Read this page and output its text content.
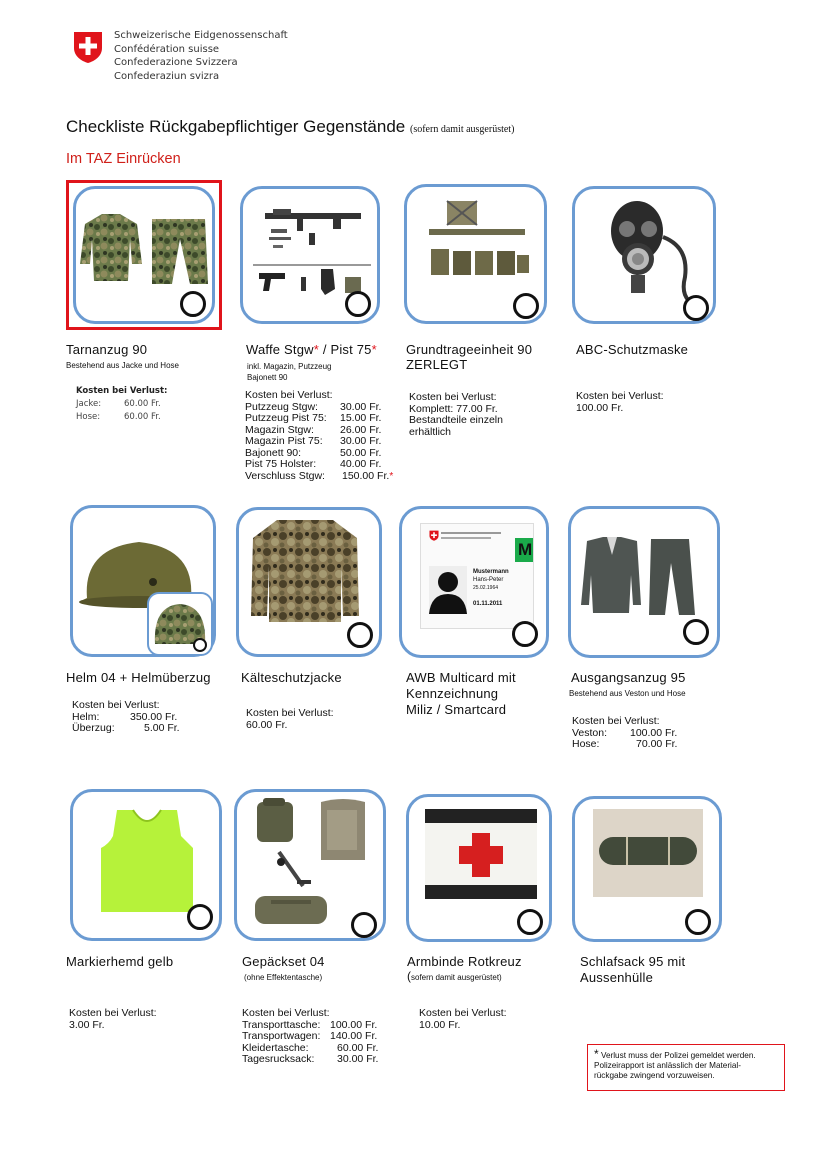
Schweizerische Eidgenossenschaft
Confédération suisse
Confederazione Svizzera
Confederaziun svizra
Checkliste Rückgabepflichtiger Gegenstände (sofern damit ausgerüstet)
Im TAZ Einrücken
Tarnanzug 90
Bestehend aus Jacke und Hose
Kosten bei Verlust:
Jacke:	60.00 Fr.
Hose:	60.00 Fr.
Waffe Stgw* / Pist 75*
inkl. Magazin, Putzzeug
Bajonett 90
Kosten bei Verlust:
Putzzeug Stgw:	30.00 Fr.
Putzzeug Pist 75:	15.00 Fr.
Magazin Stgw:	26.00 Fr.
Magazin Pist 75:	30.00 Fr.
Bajonett 90:	50.00 Fr.
Pist 75 Holster:	40.00 Fr.
Verschluss Stgw:	150.00 Fr. *
Grundtrageeinheit 90
ZERLEGT
Kosten bei Verlust:
Komplett: 77.00 Fr.
Bestandteile einzeln
erhältlich
ABC-Schutzmaske
Kosten bei Verlust:
100.00 Fr.
M
Mustermann
Hans-Peter
25.02.1964
01.11.2011
Helm 04 + Helmüberzug
Kosten bei Verlust:
Helm:	350.00 Fr.
Überzug:	5.00 Fr.
Kälteschutzjacke
Kosten bei Verlust:
60.00 Fr.
AWB Multicard mit
Kennzeichnung
Miliz / Smartcard
Ausgangsanzug 95
Bestehend aus Veston und Hose
Kosten bei Verlust:
Veston:	100.00 Fr.
Hose:	70.00 Fr.
Markierhemd gelb
Kosten bei Verlust:
3.00 Fr.
Gepäckset 04
(ohne Effektentasche)
Kosten bei Verlust:
Transporttasche: 100.00 Fr.
Transportwagen: 140.00 Fr.
Kleidertasche:	60.00 Fr.
Tagesrucksack:	30.00 Fr.
Armbinde Rotkreuz
(sofern damit ausgerüstet)
Kosten bei Verlust:
10.00 Fr.
Schlafsack 95 mit
Aussenhülle
* Verlust muss der Polizei gemeldet werden.
Polizeirapport ist anlässlich der Material-
rückgabe zwingend vorzuweisen.
